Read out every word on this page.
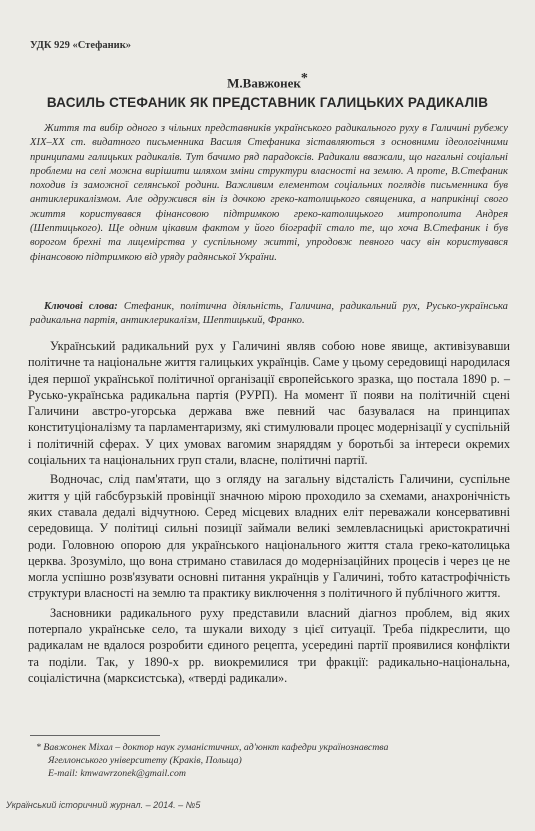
УДК 929 «Стефаник»
М.Вавжонек*
ВАСИЛЬ СТЕФАНИК ЯК ПРЕДСТАВНИК ГАЛИЦЬКИХ РАДИКАЛІВ
Життя та вибір одного з чільних представників українського радикального руху в Галичині рубежу XIX–XX ст. видатного письменника Василя Стефаника зіставляються з основними ідеологічними принципами галицьких радикалів. Тут бачимо ряд парадоксів. Радикали вважали, що нагальні соціальні проблеми на селі можна вирішити шляхом зміни структури власності на землю. А проте, В.Стефаник походив із заможної селянської родини. Важливим елементом соціальних поглядів письменника був антиклерикалізмом. Але одружився він із дочкою греко-католицького священика, а наприкінці свого життя користувався фінансовою підтримкою греко-католицького митрополита Андрея (Шептицького). Ще одним цікавим фактом у його біографії стало те, що хоча В.Стефаник і був ворогом брехні та лицемірства у суспільному житті, упродовж певного часу він користувався фінансовою підтримкою від уряду радянської України.
Ключові слова: Стефаник, політична діяльність, Галичина, радикальний рух, Русько-українська радикальна партія, антиклерикалізм, Шептицький, Франко.

Український радикальний рух у Галичині являв собою нове явище, активізувавши політичне та національне життя галицьких українців. Саме у цьому середовищі народилася ідея першої української політичної організації європейського зразка, що постала 1890 р. – Русько-українська радикальна партія (РУРП). На момент її появи на політичній сцені Галичини австро-угорська держава вже певний час базувалася на принципах конституціоналізму та парламентаризму, які стимулювали процес модернізації у суспільній і політичній сферах. У цих умовах вагомим знаряддям у боротьбі за інтереси окремих соціальних та національних груп стали, власне, політичні партії.

Водночас, слід пам'ятати, що з огляду на загальну відсталість Галичини, суспільне життя у цій габсбурзькій провінції значною мірою проходило за схемами, анахронічність яких ставала дедалі відчутною. Серед місцевих владних еліт переважали консервативні середовища. У політиці сильні позиції займали великі землевласницькі аристократичні роди. Головною опорою для українського національного життя стала греко-католицька церква. Зрозуміло, що вона стримано ставилася до модернізаційних процесів і через це не могла успішно розв'язувати основні питання українців у Галичині, тобто катастрофічність структури власності на землю та практику виключення з політичного й публічного життя.

Засновники радикального руху представили власний діагноз проблем, від яких потерпало українське село, та шукали виходу з цієї ситуації. Треба підкреслити, що радикалам не вдалося розробити єдиного рецепта, усередині партії проявилися конфлікти та поділи. Так, у 1890-х рр. виокремилися три фракції: радикально-національна, соціалістична (марксистська), «тверді радикали».

* Вавжонек Міхал – доктор наук гуманістичних, ад'юнкт кафедри українознавства
Ягеллонського університету (Краків, Польща)
E-mail: kmwawrzonek@gmail.com
Український історичний журнал. – 2014. – №5
